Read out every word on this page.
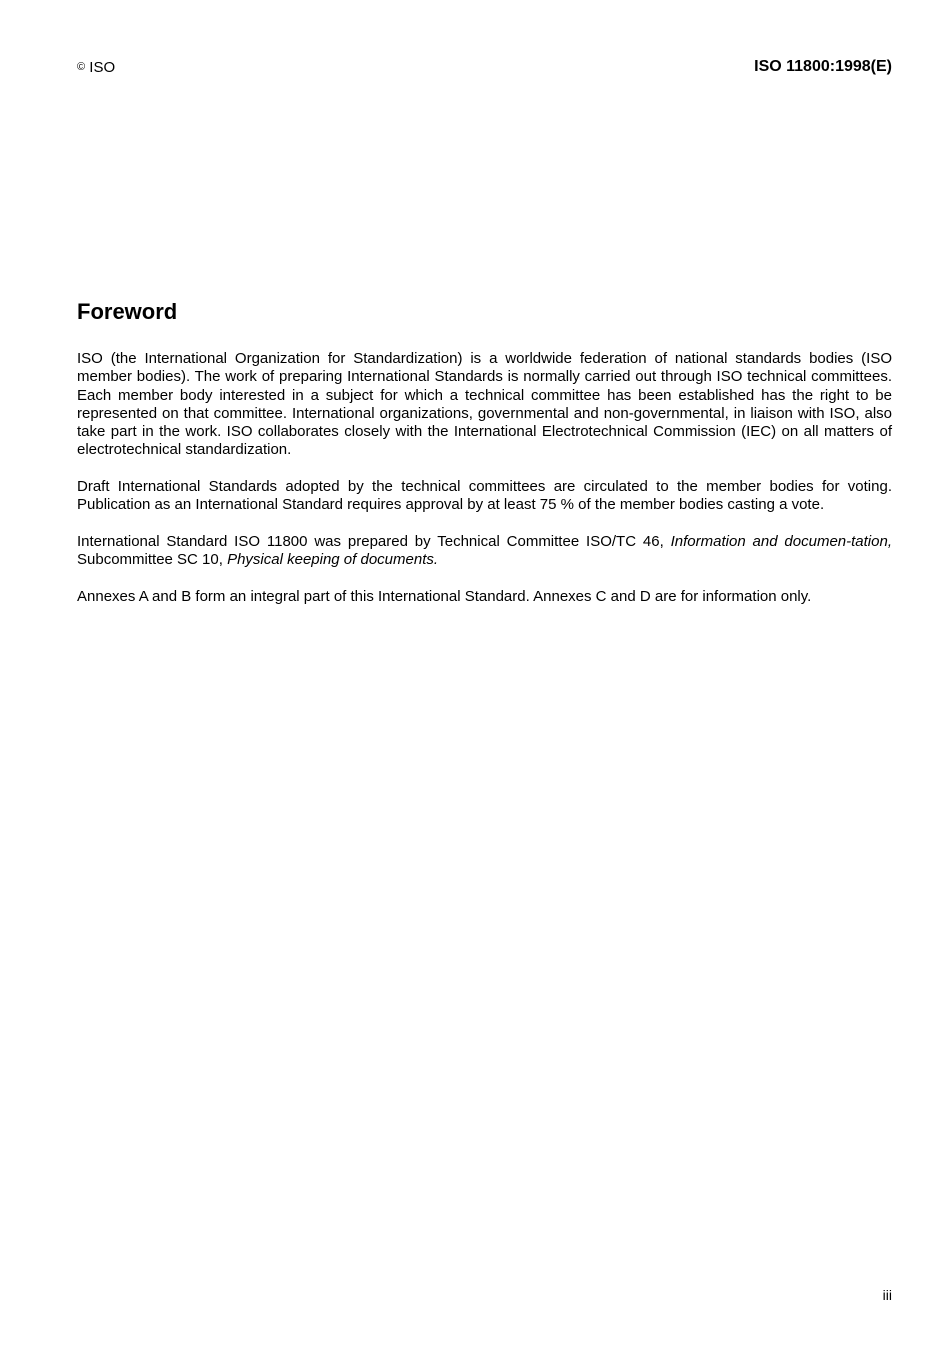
© ISO	ISO 11800:1998(E)
Foreword

ISO (the International Organization for Standardization) is a worldwide federation of national standards bodies (ISO member bodies). The work of preparing International Standards is normally carried out through ISO technical committees. Each member body interested in a subject for which a technical committee has been established has the right to be represented on that committee. International organizations, governmental and non-governmental, in liaison with ISO, also take part in the work. ISO collaborates closely with the International Electrotechnical Commission (IEC) on all matters of electrotechnical standardization.

Draft International Standards adopted by the technical committees are circulated to the member bodies for voting. Publication as an International Standard requires approval by at least 75 % of the member bodies casting a vote.

International Standard ISO 11800 was prepared by Technical Committee ISO/TC 46, Information and documen-tation, Subcommittee SC 10, Physical keeping of documents.

Annexes A and B form an integral part of this International Standard. Annexes C and D are for information only.

iii
